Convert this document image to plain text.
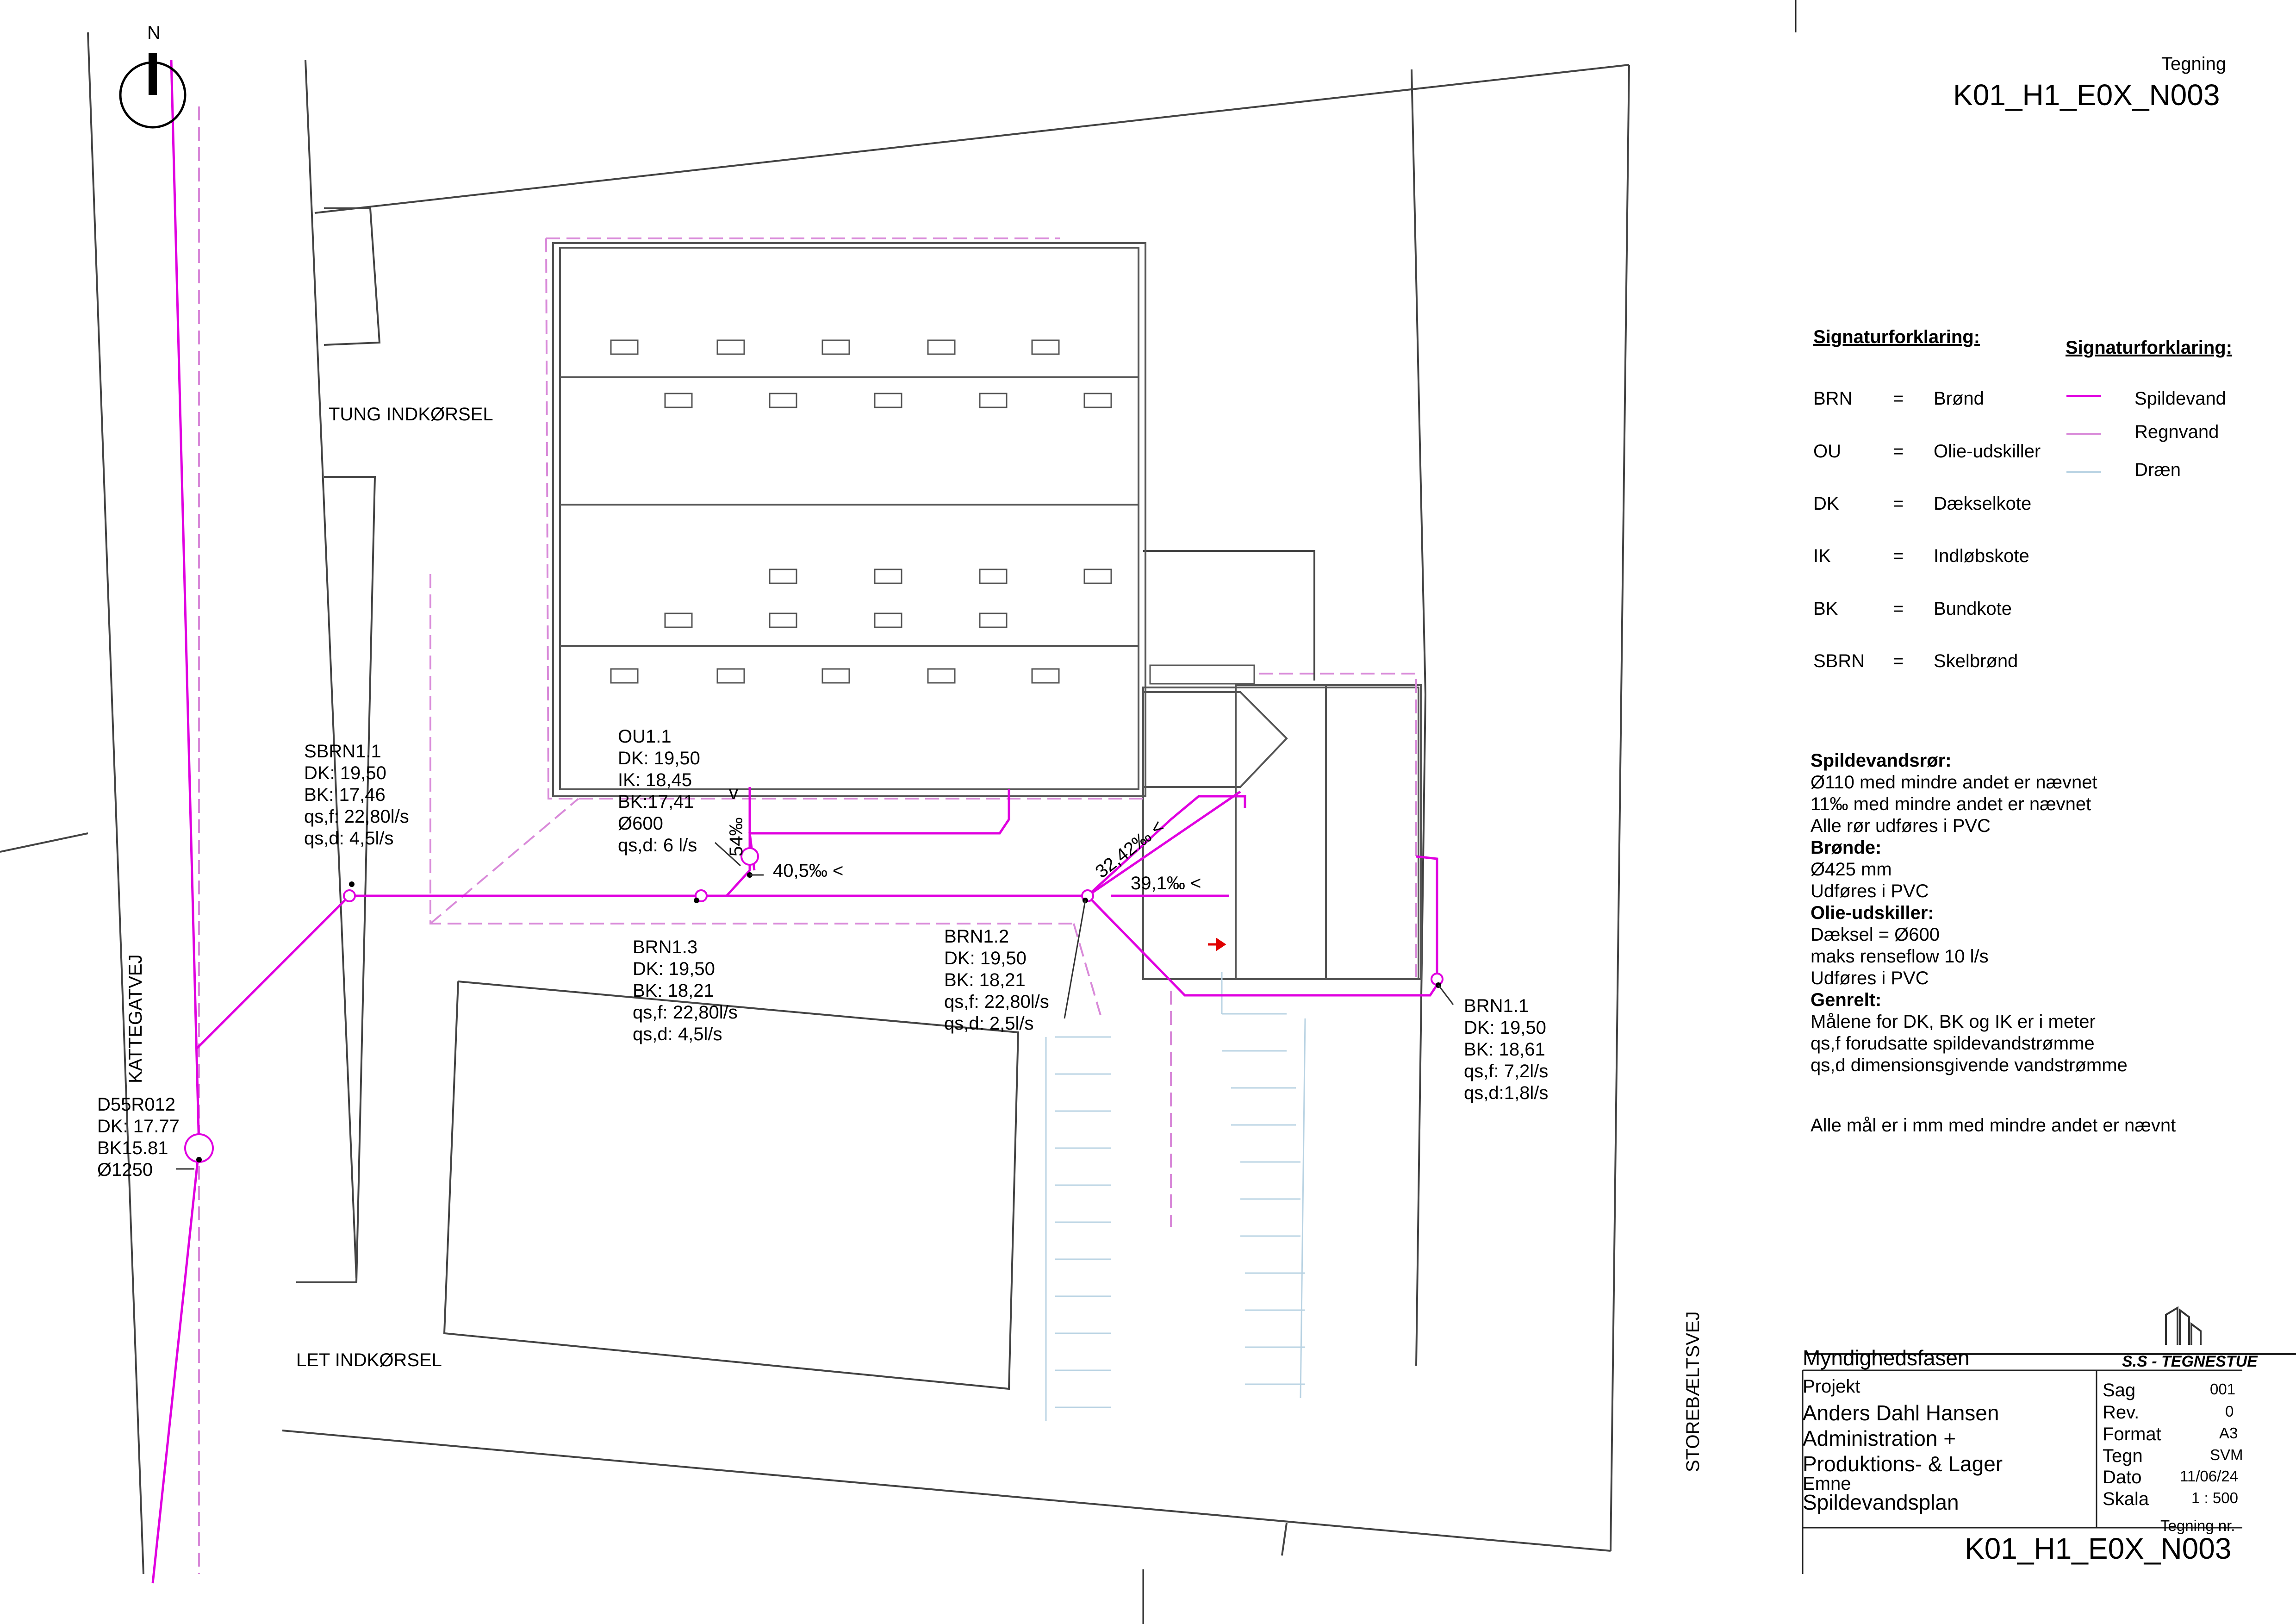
N
Tegning
K01_H1_E0X_N003
TUNG INDKØRSEL
LET INDKØRSEL
KATTEGATVEJ
STOREBÆLTSVEJ
SBRN1.1
DK: 19,50
BK: 17,46
qs,f: 22,80l/s
qs,d: 4,5l/s
OU1.1
DK: 19,50
IK: 18,45
BK:17,41
Ø600
qs,d: 6 l/s
BRN1.3
DK: 19,50
BK: 18,21
qs,f: 22,80l/s
qs,d: 4,5l/s
BRN1.2
DK: 19,50
BK: 18,21
qs,f: 22,80l/s
qs,d: 2,5l/s
BRN1.1
DK: 19,50
BK: 18,61
qs,f: 7,2l/s
qs,d:1,8l/s
D55R012
DK: 17.77
BK15.81
Ø1250
40,5‰ <
54‰
v
32,42‰ <
39,1‰ <
Signaturforklaring:
BRN = Brønd
OU	= Olie-udskiller
DK	= Dækselkote
IK	= Indløbskote
BK	= Bundkote
SBRN = Skelbrønd
Signaturforklaring:
Spildevand
Regnvand
Dræn
Spildevandsrør:
Ø110 med mindre andet er nævnet
11‰ med mindre andet er nævnet
Alle rør udføres i PVC
Brønde:
Ø425 mm
Udføres i PVC
Olie-udskiller:
Dæksel = Ø600
maks renseflow 10 l/s
Udføres i PVC
Genrelt:
Målene for DK, BK og IK er i meter
qs,f forudsatte spildevandstrømme
qs,d dimensionsgivende vandstrømme
Alle mål er i mm med mindre andet er nævnt
Myndighedsfasen	S.S - TEGNESTUE
Projekt
Anders Dahl Hansen
Administration +
Produktions- & Lager
Emne
Spildevandsplan
Sag	001
Rev.	0
Format	A3
Tegn	SVM
Dato	11/06/24
Skala	1 : 500
Tegning nr.
K01_H1_E0X_N003
